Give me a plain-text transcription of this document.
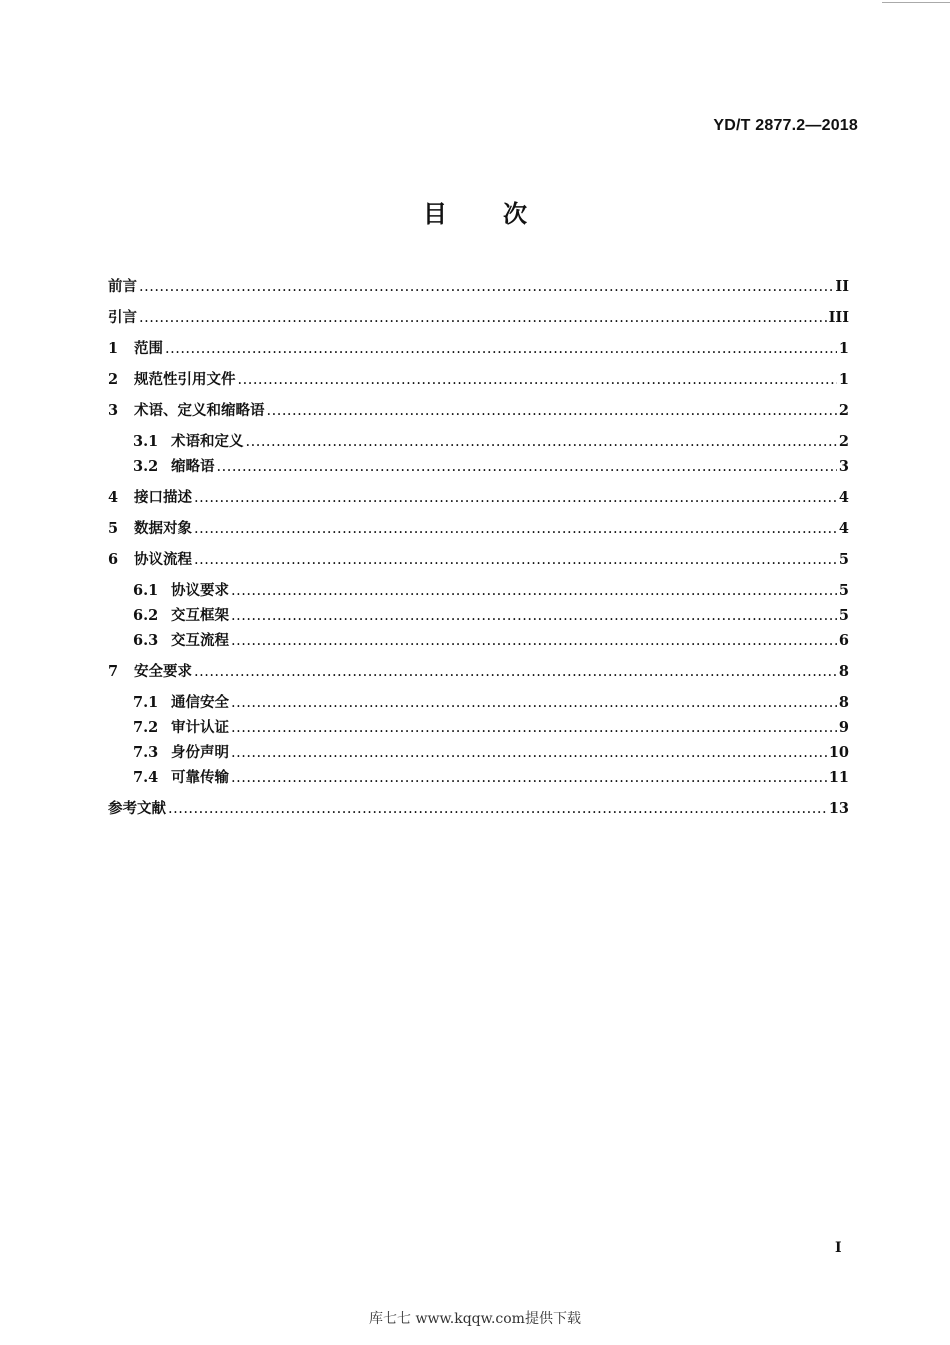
YD/T 2877.2—2018
目 次
前言 .....	II
引言 .....	III
1	范围 .....	1
2	规范性引用文件 .....	1
3	术语、定义和缩略语 .....	2
3.1 术语和定义 .....	2
3.2 缩略语 .....	3
4	接口描述 .....	4
5	数据对象 .....	4
6	协议流程 .....	5
6.1 协议要求 .....	5
6.2 交互框架 .....	5
6.3 交互流程 .....	6
7	安全要求 .....	8
7.1 通信安全 .....	8
7.2 审计认证 .....	9
7.3 身份声明 .....	10
7.4 可靠传输 .....	11
参考文献 .....	13
I
库七七 www.kqqw.com提供下载
